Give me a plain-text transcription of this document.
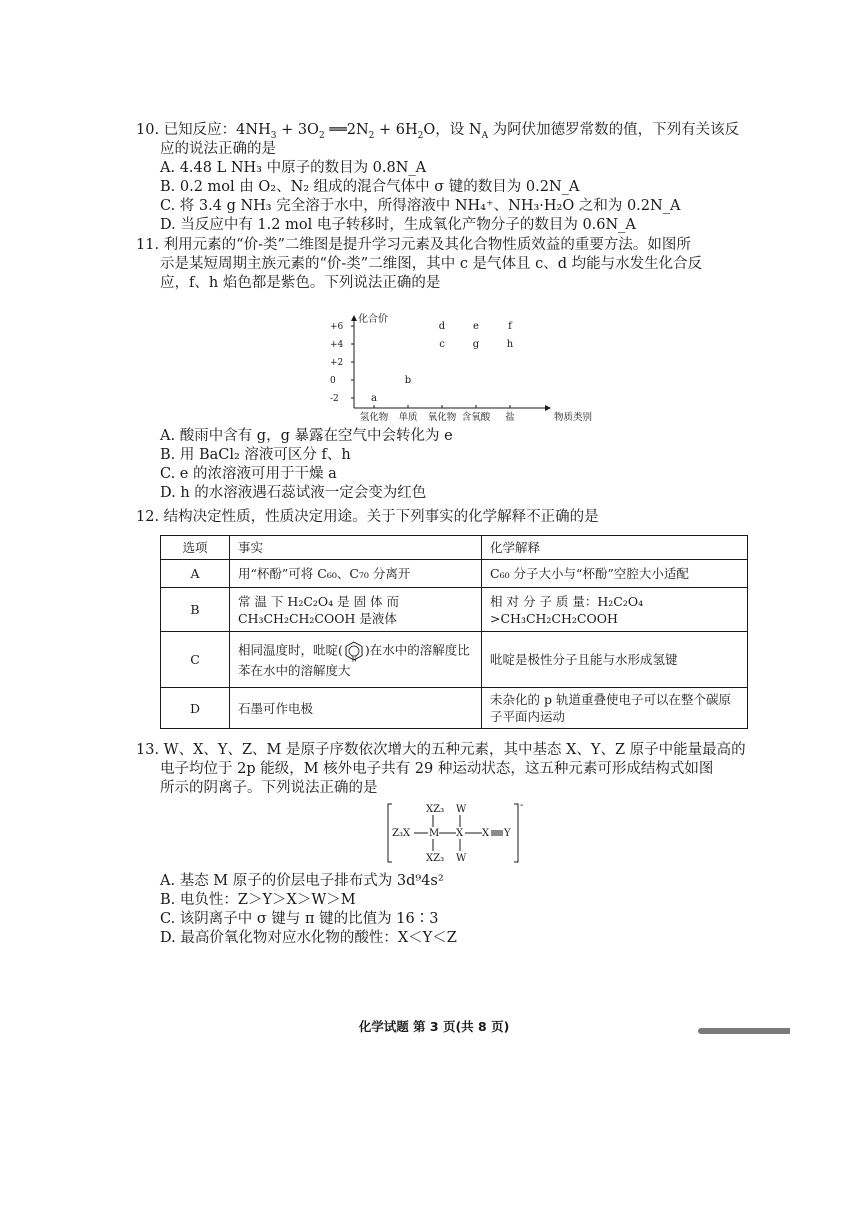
10. 已知反应：$4NH_3 + 3O_2$ $══2N_2 + 6H_2O$，设 $N_A$ 为阿伏加德罗常数的值，下列有关该反

应的说法正确的是

A. 4.48 L NH₃ 中原子的数目为 0.8N_A

B. 0.2 mol 由 O₂、N₂ 组成的混合气体中 σ 键的数目为 0.2N_A

C. 将 3.4 g NH₃ 完全溶于水中，所得溶液中 NH₄⁺、NH₃·H₂O 之和为 0.2N_A

D. 当反应中有 1.2 mol 电子转移时，生成氧化产物分子的数目为 0.6N_A

11. 利用元素的“价-类”二维图是提升学习元素及其化合物性质效益的重要方法。如图所

示是某短周期主族元素的“价-类”二维图，其中 c 是气体且 c、d 均能与水发生化合反

应，f、h 焰色都是紫色。下列说法正确的是

+6
+4
+2
0
-2
氢化物 单质 氧化物 含氧酸 盐
a
b
c
d
g
e
h
f
化合价
物质类别

A. 酸雨中含有 g，g 暴露在空气中会转化为 e

B. 用 BaCl₂ 溶液可区分 f、h

C. e 的浓溶液可用于干燥 a

D. h 的水溶液遇石蕊试液一定会变为红色

12. 结构决定性质，性质决定用途。关于下列事实的化学解释不正确的是

选项	事实	化学解释
A	用“杯酚”可将 C₆₀、C₇₀ 分离开	C₆₀ 分子大小与“杯酚”空腔大小适配
B	常 温 下 H₂C₂O₄ 是 固 体 而 CH₃CH₂CH₂COOH 是液体	相 对 分 子 质 量：H₂C₂O₄ >CH₃CH₂CH₂COOH
C	相同温度时，吡啶(
N
)在水中的溶解度比苯在水中的溶解度大	吡啶是极性分子且能与水形成氢键
D	石墨可作电极	未杂化的 p 轨道重叠使电子可以在整个碳原子平面内运动

13. W、X、Y、Z、M 是原子序数依次增大的五种元素，其中基态 X、Y、Z 原子中能量最高的

电子均位于 2p 能级，M 核外电子共有 29 种运动状态，这五种元素可形成结构式如图

所示的阴离子。下列说法正确的是

-
XZ₃ W
Z₃X M X X Y
XZ₃ W

A. 基态 M 原子的价层电子排布式为 3d⁹4s²

B. 电负性：Z＞Y＞X＞W＞M

C. 该阴离子中 σ 键与 π 键的比值为 16∶3

D. 最高价氧化物对应水化物的酸性：X＜Y＜Z

化学试题 第 3 页(共 8 页)
